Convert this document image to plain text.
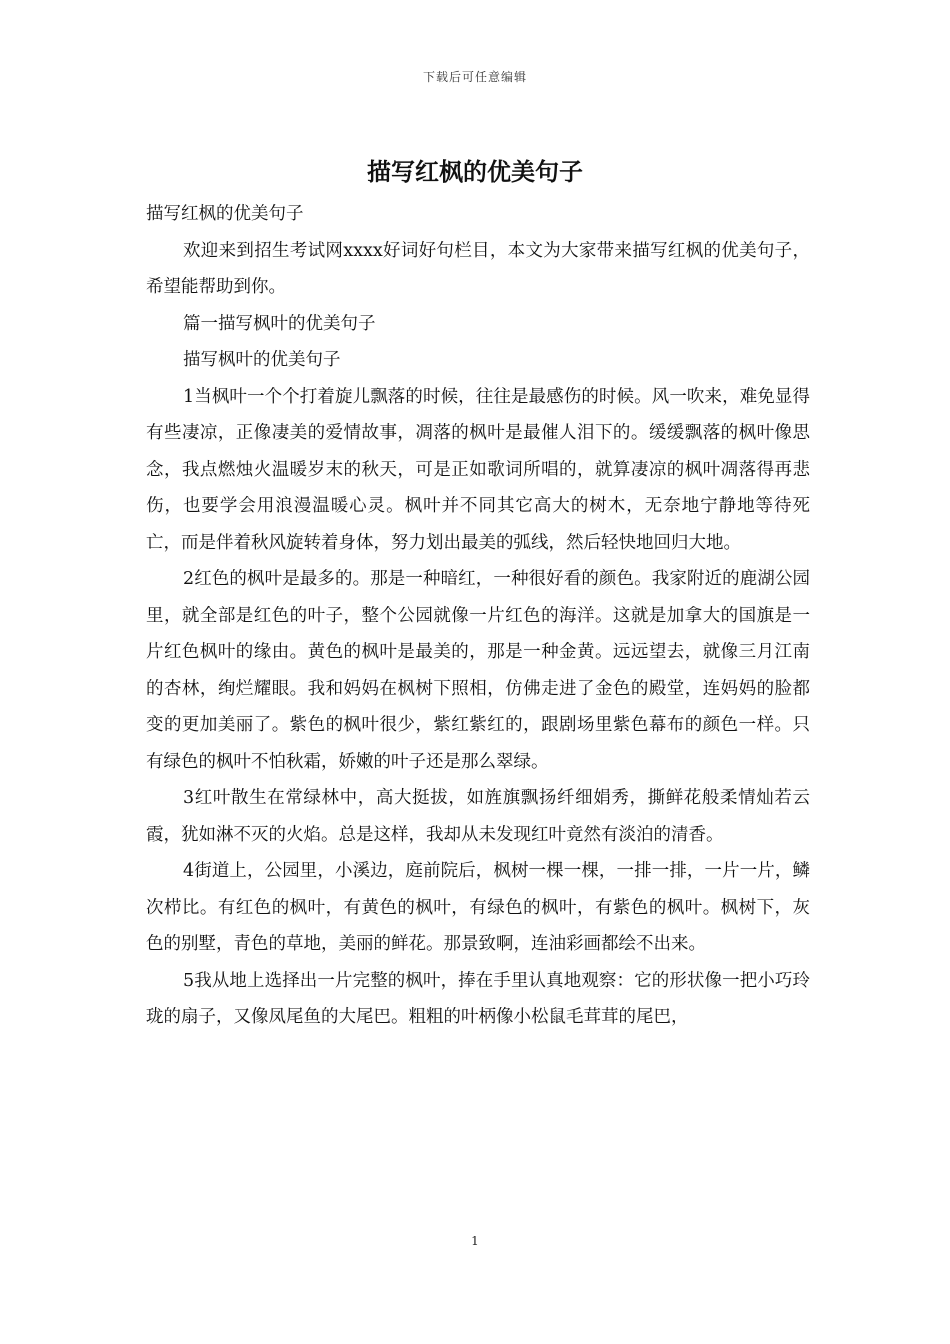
下载后可任意编辑
描写红枫的优美句子

描写红枫的优美句子

欢迎来到招生考试网xxxx好词好句栏目，本文为大家带来描写红枫的优美句子，希望能帮助到你。

篇一描写枫叶的优美句子

描写枫叶的优美句子

1当枫叶一个个打着旋儿飘落的时候，往往是最感伤的时候。风一吹来，难免显得有些凄凉，正像凄美的爱情故事，凋落的枫叶是最催人泪下的。缓缓飘落的枫叶像思念，我点燃烛火温暖岁末的秋天，可是正如歌词所唱的，就算凄凉的枫叶凋落得再悲伤，也要学会用浪漫温暖心灵。枫叶并不同其它高大的树木，无奈地宁静地等待死亡，而是伴着秋风旋转着身体，努力划出最美的弧线，然后轻快地回归大地。

2红色的枫叶是最多的。那是一种暗红，一种很好看的颜色。我家附近的鹿湖公园里，就全部是红色的叶子，整个公园就像一片红色的海洋。这就是加拿大的国旗是一片红色枫叶的缘由。黄色的枫叶是最美的，那是一种金黄。远远望去，就像三月江南的杏林，绚烂耀眼。我和妈妈在枫树下照相，仿佛走进了金色的殿堂，连妈妈的脸都变的更加美丽了。紫色的枫叶很少，紫红紫红的，跟剧场里紫色幕布的颜色一样。只有绿色的枫叶不怕秋霜，娇嫩的叶子还是那么翠绿。

3红叶散生在常绿林中，高大挺拔，如旌旗飘扬纤细娟秀，撕鲜花般柔情灿若云霞，犹如淋不灭的火焰。总是这样，我却从未发现红叶竟然有淡泊的清香。

4街道上，公园里，小溪边，庭前院后，枫树一棵一棵，一排一排，一片一片，鳞次栉比。有红色的枫叶，有黄色的枫叶，有绿色的枫叶，有紫色的枫叶。枫树下，灰色的别墅，青色的草地，美丽的鲜花。那景致啊，连油彩画都绘不出来。

5我从地上选择出一片完整的枫叶，捧在手里认真地观察：它的形状像一把小巧玲珑的扇子，又像凤尾鱼的大尾巴。粗粗的叶柄像小松鼠毛茸茸的尾巴，

1
